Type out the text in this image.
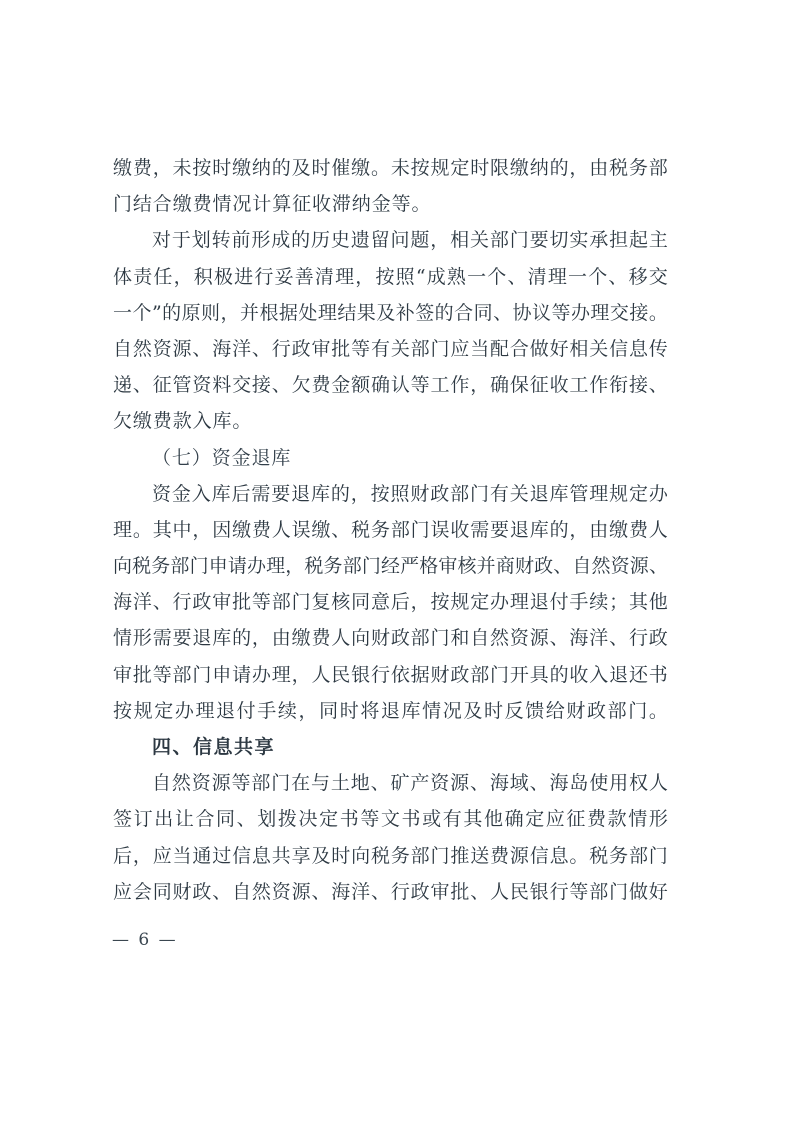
缴 费 ， 未 按 时 缴 纳 的 及 时 催 缴 。 未 按 规 定 时 限 缴 纳 的 ， 由 税 务 部
门结合缴费情况计算征收滞纳金等。
对 于 划 转 前 形 成 的 历 史 遗 留 问 题 ， 相 关 部 门 要 切 实 承 担 起 主
体 责 任 ， 积 极 进 行 妥 善 清 理 ， 按 照 “ 成 熟 一 个 、 清 理 一 个 、 移 交
一 个 ” 的 原 则 ， 并 根 据 处 理 结 果 及 补 签 的 合 同 、 协 议 等 办 理 交 接 。
自 然 资 源 、 海 洋 、 行 政 审 批 等 有 关 部 门 应 当 配 合 做 好 相 关 信 息 传
递 、 征 管 资 料 交 接 、 欠 费 金 额 确 认 等 工 作 ， 确 保 征 收 工 作 衔 接 、
欠缴费款入库。
（七）资金退库
资 金 入 库 后 需 要 退 库 的 ， 按 照 财 政 部 门 有 关 退 库 管 理 规 定 办
理 。 其 中 ， 因 缴 费 人 误 缴 、 税 务 部 门 误 收 需 要 退 库 的 ， 由 缴 费 人
向 税 务 部 门 申 请 办 理 ， 税 务 部 门 经 严 格 审 核 并 商 财 政 、 自 然 资 源 、
海 洋 、 行 政 审 批 等 部 门 复 核 同 意 后 ， 按 规 定 办 理 退 付 手 续 ； 其 他
情 形 需 要 退 库 的 ， 由 缴 费 人 向 财 政 部 门 和 自 然 资 源 、 海 洋 、 行 政
审 批 等 部 门 申 请 办 理 ， 人 民 银 行 依 据 财 政 部 门 开 具 的 收 入 退 还 书
按 规 定 办 理 退 付 手 续 ， 同 时 将 退 库 情 况 及 时 反 馈 给 财 政 部 门 。
四、信息共享
自 然 资 源 等 部 门 在 与 土 地 、 矿 产 资 源 、 海 域 、 海 岛 使 用 权 人
签 订 出 让 合 同 、 划 拨 决 定 书 等 文 书 或 有 其 他 确 定 应 征 费 款 情 形
后 ， 应 当 通 过 信 息 共 享 及 时 向 税 务 部 门 推 送 费 源 信 息 。 税 务 部 门
应 会 同 财 政 、 自 然 资 源 、 海 洋 、 行 政 审 批 、 人 民 银 行 等 部 门 做 好
— 6 —
